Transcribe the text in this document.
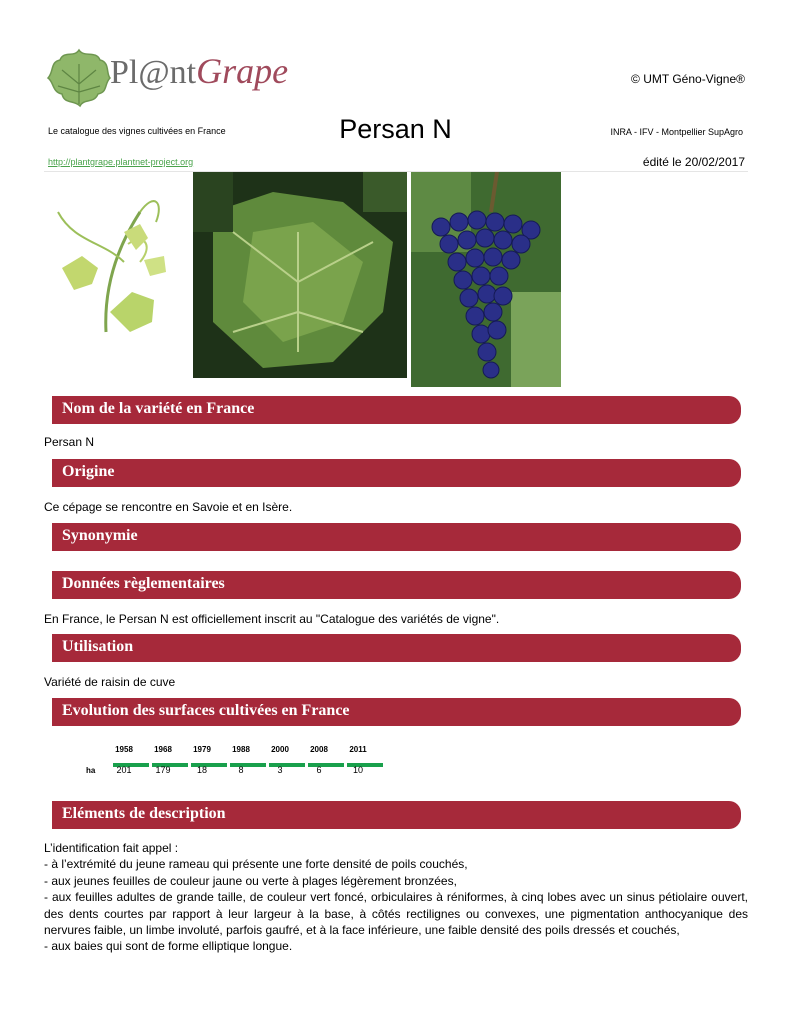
Pl@ntGrape	© UMT Géno-Vigne®
Le catalogue des vignes cultivées en France	Persan N	INRA - IFV - Montpellier SupAgro
http://plantgrape.plantnet-project.org	édité le 20/02/2017
Nom de la variété en France
Persan N
Origine
Ce cépage se rencontre en Savoie et en Isère.
Synonymie
Données règlementaires
En France, le Persan N est officiellement inscrit au "Catalogue des variétés de vigne".
Utilisation
Variété de raisin de cuve
Evolution des surfaces cultivées en France
ha
1958	1968	1979	1988	2000	2008	2011
201	179	18	8	3	6	10
Eléments de description
L’identification fait appel :
- à l’extrémité du jeune rameau qui présente une forte densité de poils couchés,
- aux jeunes feuilles de couleur jaune ou verte à plages légèrement bronzées,
- aux feuilles adultes de grande taille, de couleur vert foncé, orbiculaires à réniformes, à cinq lobes avec un sinus pétiolaire ouvert, des dents courtes par rapport à leur largeur à la base, à côtés rectilignes ou convexes, une pigmentation anthocyanique des nervures faible, un limbe involuté, parfois gaufré, et à la face inférieure, une faible densité des poils dressés et couchés,
- aux baies qui sont de forme elliptique longue.
